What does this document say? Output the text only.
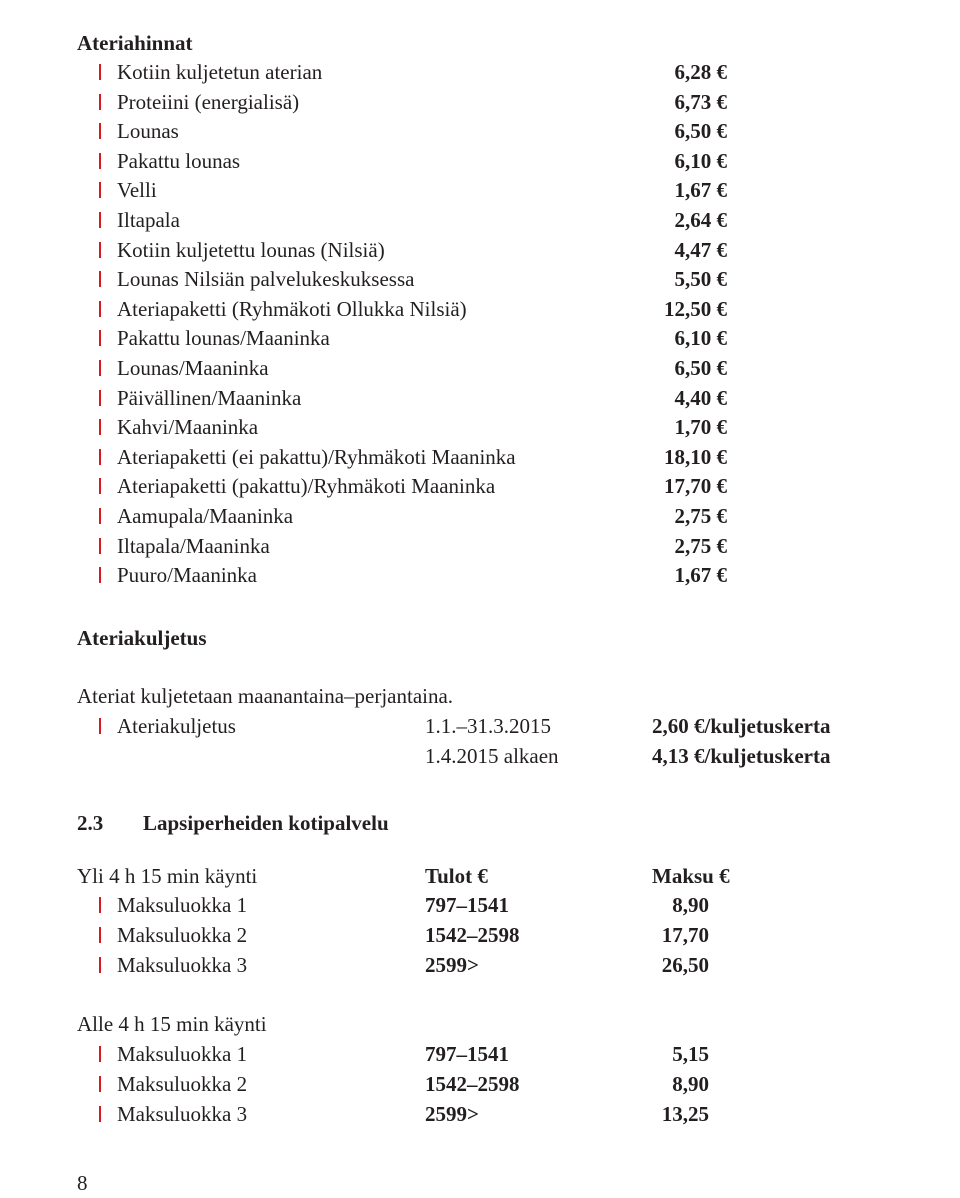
Ateriahinnat
Kotiin kuljetetun aterian	6,28 €
Proteiini (energialisä)	6,73 €
Lounas	6,50 €
Pakattu lounas	6,10 €
Velli	1,67 €
Iltapala	2,64 €
Kotiin kuljetettu lounas (Nilsiä)	4,47 €
Lounas Nilsiän palvelukeskuksessa	5,50 €
Ateriapaketti (Ryhmäkoti Ollukka Nilsiä)	12,50 €
Pakattu lounas/Maaninka	6,10 €
Lounas/Maaninka	6,50 €
Päivällinen/Maaninka	4,40 €
Kahvi/Maaninka	1,70 €
Ateriapaketti (ei pakattu)/Ryhmäkoti Maaninka	18,10 €
Ateriapaketti (pakattu)/Ryhmäkoti Maaninka	17,70 €
Aamupala/Maaninka	2,75 €
Iltapala/Maaninka	2,75 €
Puuro/Maaninka	1,67 €
Ateriakuljetus
Ateriat kuljetetaan maanantaina–perjantaina.
Ateriakuljetus	1.1.–31.3.2015	2,60 €/kuljetuskerta
1.4.2015 alkaen	4,13 €/kuljetuskerta
2.3 Lapsiperheiden kotipalvelu
Yli 4 h 15 min käynti	Tulot €	Maksu €
Maksuluokka 1	797–1541	8,90
Maksuluokka 2	1542–2598	17,70
Maksuluokka 3	2599>	26,50
Alle 4 h 15 min käynti
Maksuluokka 1	797–1541	5,15
Maksuluokka 2	1542–2598	8,90
Maksuluokka 3	2599>	13,25
8
